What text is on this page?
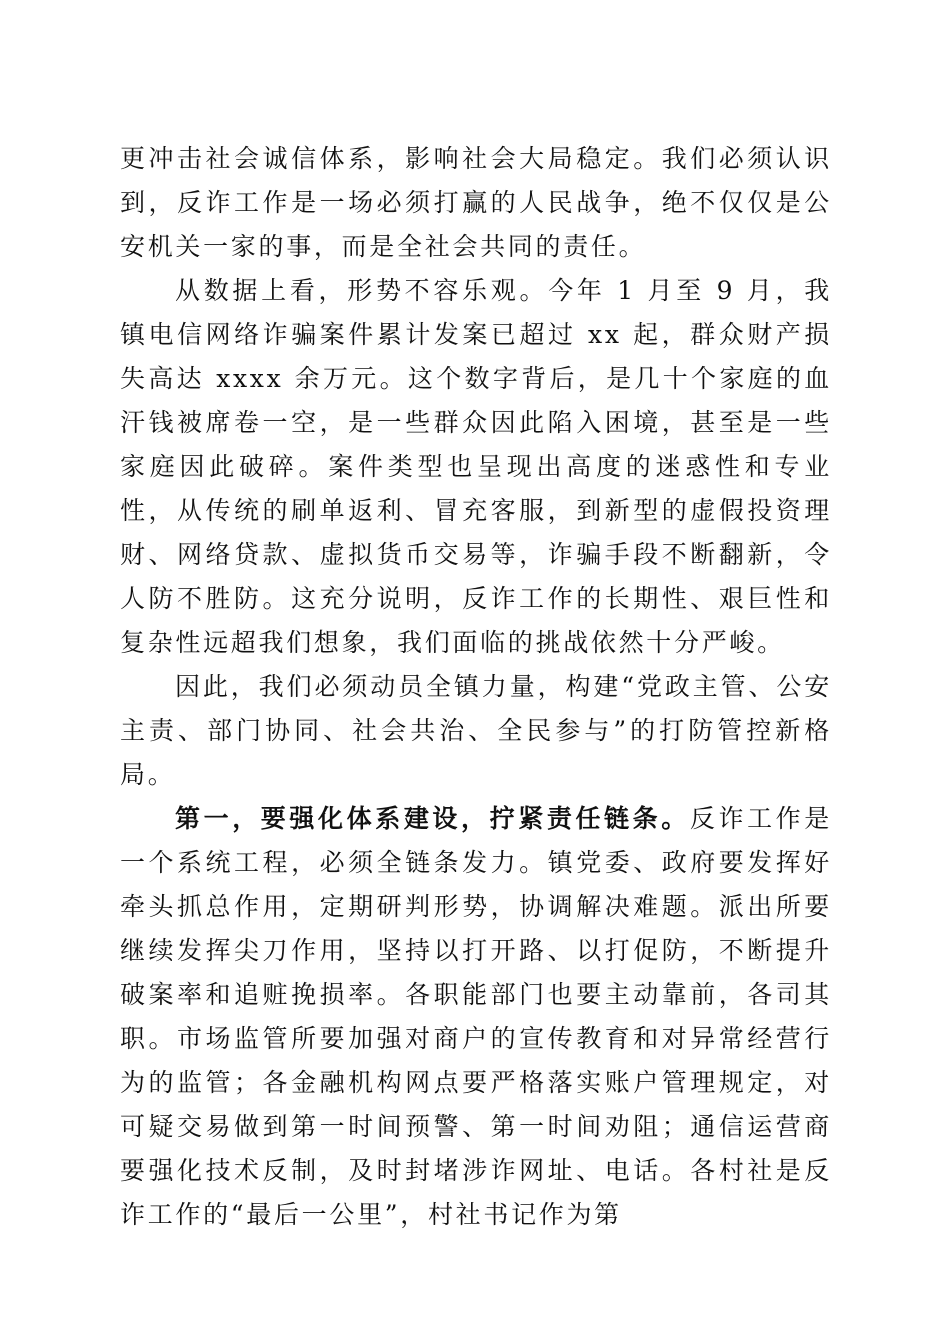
更冲击社会诚信体系，影响社会大局稳定。我们必须认识到，反诈工作是一场必须打赢的人民战争，绝不仅仅是公安机关一家的事，而是全社会共同的责任。

从数据上看，形势不容乐观。今年 1 月至 9 月，我镇电信网络诈骗案件累计发案已超过 xx 起，群众财产损失高达 xxxx 余万元。这个数字背后，是几十个家庭的血汗钱被席卷一空，是一些群众因此陷入困境，甚至是一些家庭因此破碎。案件类型也呈现出高度的迷惑性和专业性，从传统的刷单返利、冒充客服，到新型的虚假投资理财、网络贷款、虚拟货币交易等，诈骗手段不断翻新，令人防不胜防。这充分说明，反诈工作的长期性、艰巨性和复杂性远超我们想象，我们面临的挑战依然十分严峻。

因此，我们必须动员全镇力量，构建“党政主管、公安主责、部门协同、社会共治、全民参与”的打防管控新格局。

第一，要强化体系建设，拧紧责任链条。反诈工作是一个系统工程，必须全链条发力。镇党委、政府要发挥好牵头抓总作用，定期研判形势，协调解决难题。派出所要继续发挥尖刀作用，坚持以打开路、以打促防，不断提升破案率和追赃挽损率。各职能部门也要主动靠前，各司其职。市场监管所要加强对商户的宣传教育和对异常经营行为的监管；各金融机构网点要严格落实账户管理规定，对可疑交易做到第一时间预警、第一时间劝阻；通信运营商要强化技术反制，及时封堵涉诈网址、电话。各村社是反诈工作的“最后一公里”，村社书记作为第
